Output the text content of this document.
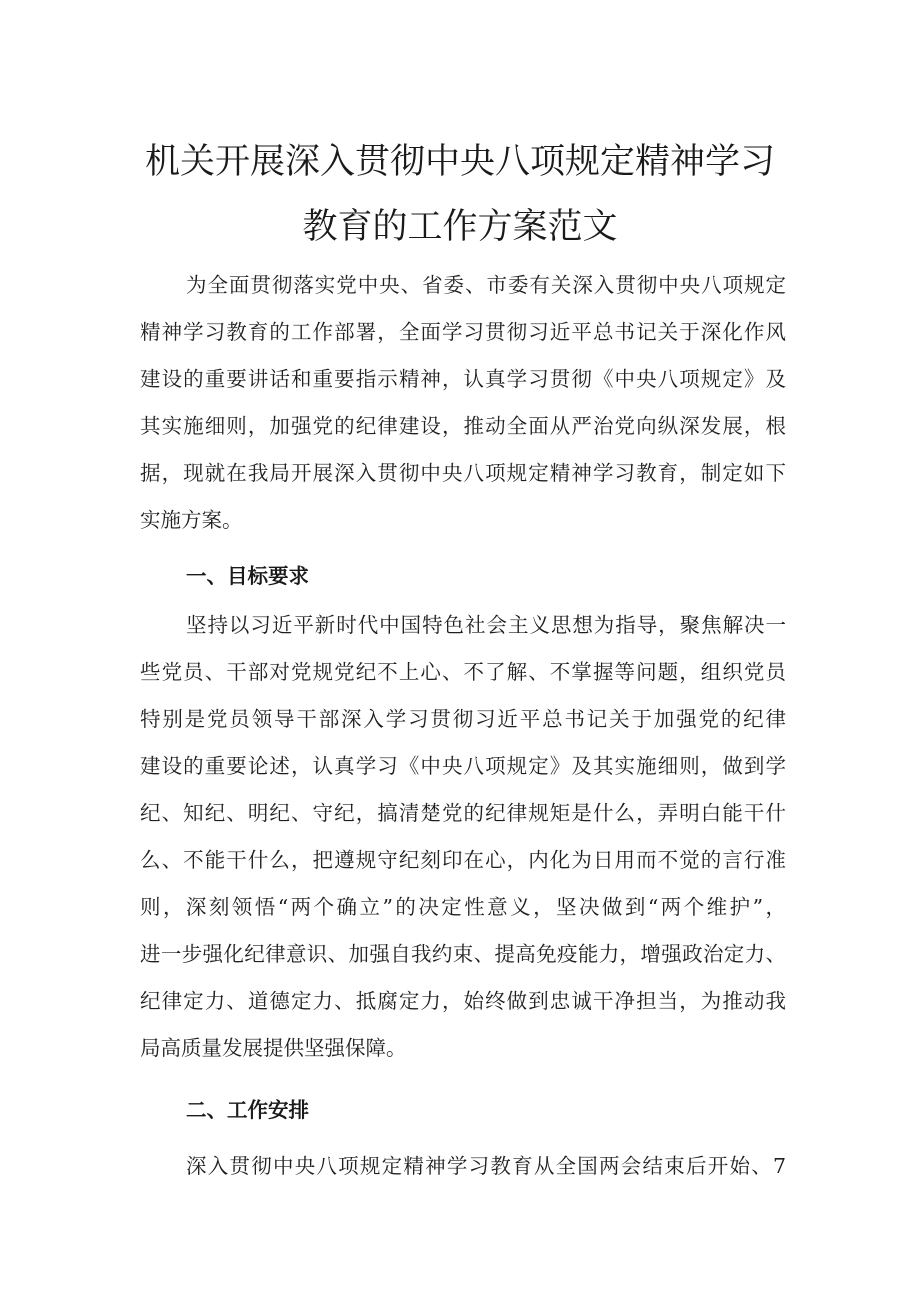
机关开展深入贯彻中央八项规定精神学习
教育的工作方案范文
为全面贯彻落实党中央、省委、市委有关深入贯彻中央八项规定
精神学习教育的工作部署，全面学习贯彻习近平总书记关于深化作风
建设的重要讲话和重要指示精神，认真学习贯彻《中央八项规定》及
其实施细则，加强党的纪律建设，推动全面从严治党向纵深发展，根
据，现就在我局开展深入贯彻中央八项规定精神学习教育，制定如下
实施方案。
一、目标要求
坚持以习近平新时代中国特色社会主义思想为指导，聚焦解决一
些党员、干部对党规党纪不上心、不了解、不掌握等问题，组织党员
特别是党员领导干部深入学习贯彻习近平总书记关于加强党的纪律
建设的重要论述，认真学习《中央八项规定》及其实施细则，做到学
纪、知纪、明纪、守纪，搞清楚党的纪律规矩是什么，弄明白能干什
么、不能干什么，把遵规守纪刻印在心，内化为日用而不觉的言行准
则，深刻领悟“两个确立”的决定性意义，坚决做到“两个维护”，
进一步强化纪律意识、加强自我约束、提高免疫能力，增强政治定力、
纪律定力、道德定力、抵腐定力，始终做到忠诚干净担当，为推动我
局高质量发展提供坚强保障。
二、工作安排
深入贯彻中央八项规定精神学习教育从全国两会结束后开始、7
